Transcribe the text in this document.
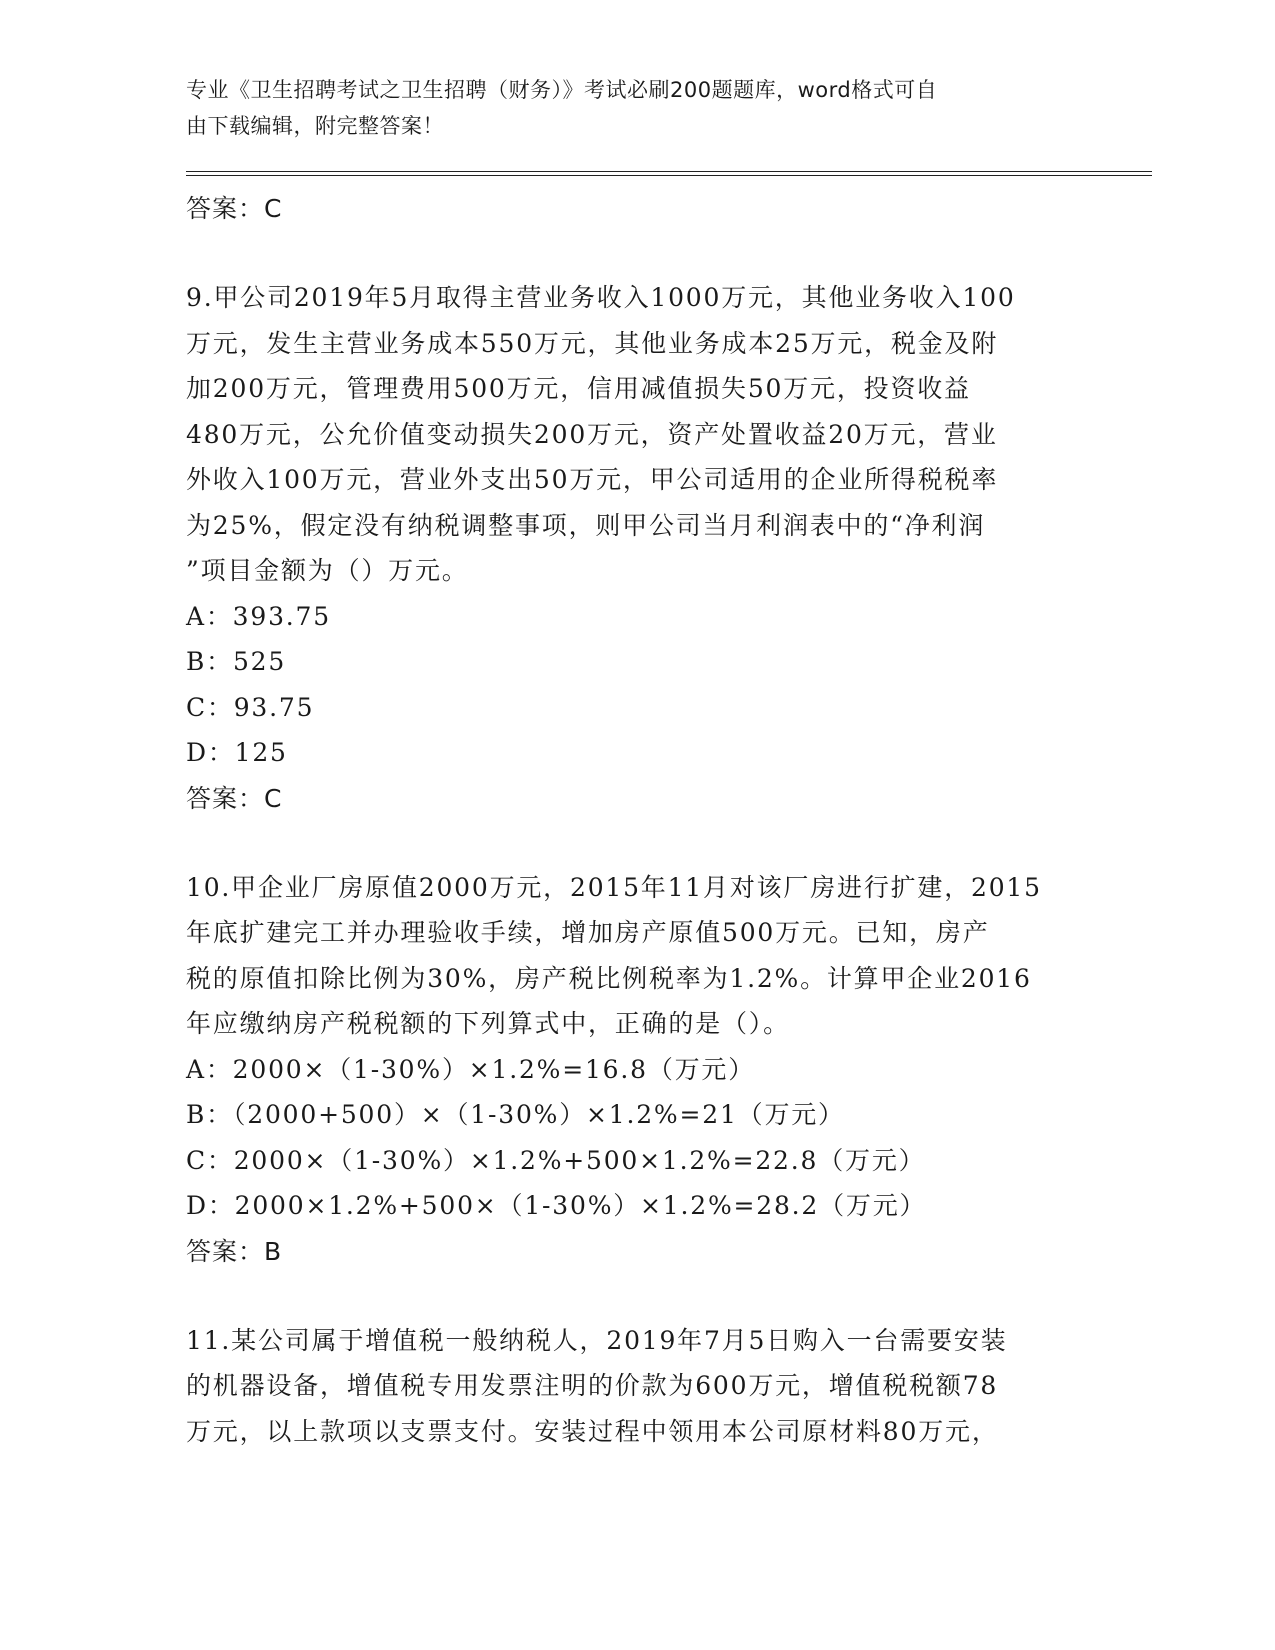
专业《卫生招聘考试之卫生招聘（财务）》考试必刷200题题库，word格式可自
由下载编辑，附完整答案！
答案：C
9.甲公司2019年5月取得主营业务收入1000万元，其他业务收入100
万元，发生主营业务成本550万元，其他业务成本25万元，税金及附
加200万元，管理费用500万元，信用减值损失50万元，投资收益
480万元，公允价值变动损失200万元，资产处置收益20万元，营业
外收入100万元，营业外支出50万元，甲公司适用的企业所得税税率
为25%，假定没有纳税调整事项，则甲公司当月利润表中的“净利润
”项目金额为（）万元。
A：393.75
B：525
C：93.75
D：125
答案：C
10.甲企业厂房原值2000万元，2015年11月对该厂房进行扩建，2015
年底扩建完工并办理验收手续，增加房产原值500万元。已知，房产
税的原值扣除比例为30%，房产税比例税率为1.2%。计算甲企业2016
年应缴纳房产税税额的下列算式中，正确的是（）。
A：2000×（1-30%）×1.2%=16.8（万元）
B：（2000+500）×（1-30%）×1.2%=21（万元）
C：2000×（1-30%）×1.2%+500×1.2%=22.8（万元）
D：2000×1.2%+500×（1-30%）×1.2%=28.2（万元）
答案：B
11.某公司属于增值税一般纳税人，2019年7月5日购入一台需要安装
的机器设备，增值税专用发票注明的价款为600万元，增值税税额78
万元，以上款项以支票支付。安装过程中领用本公司原材料80万元，
